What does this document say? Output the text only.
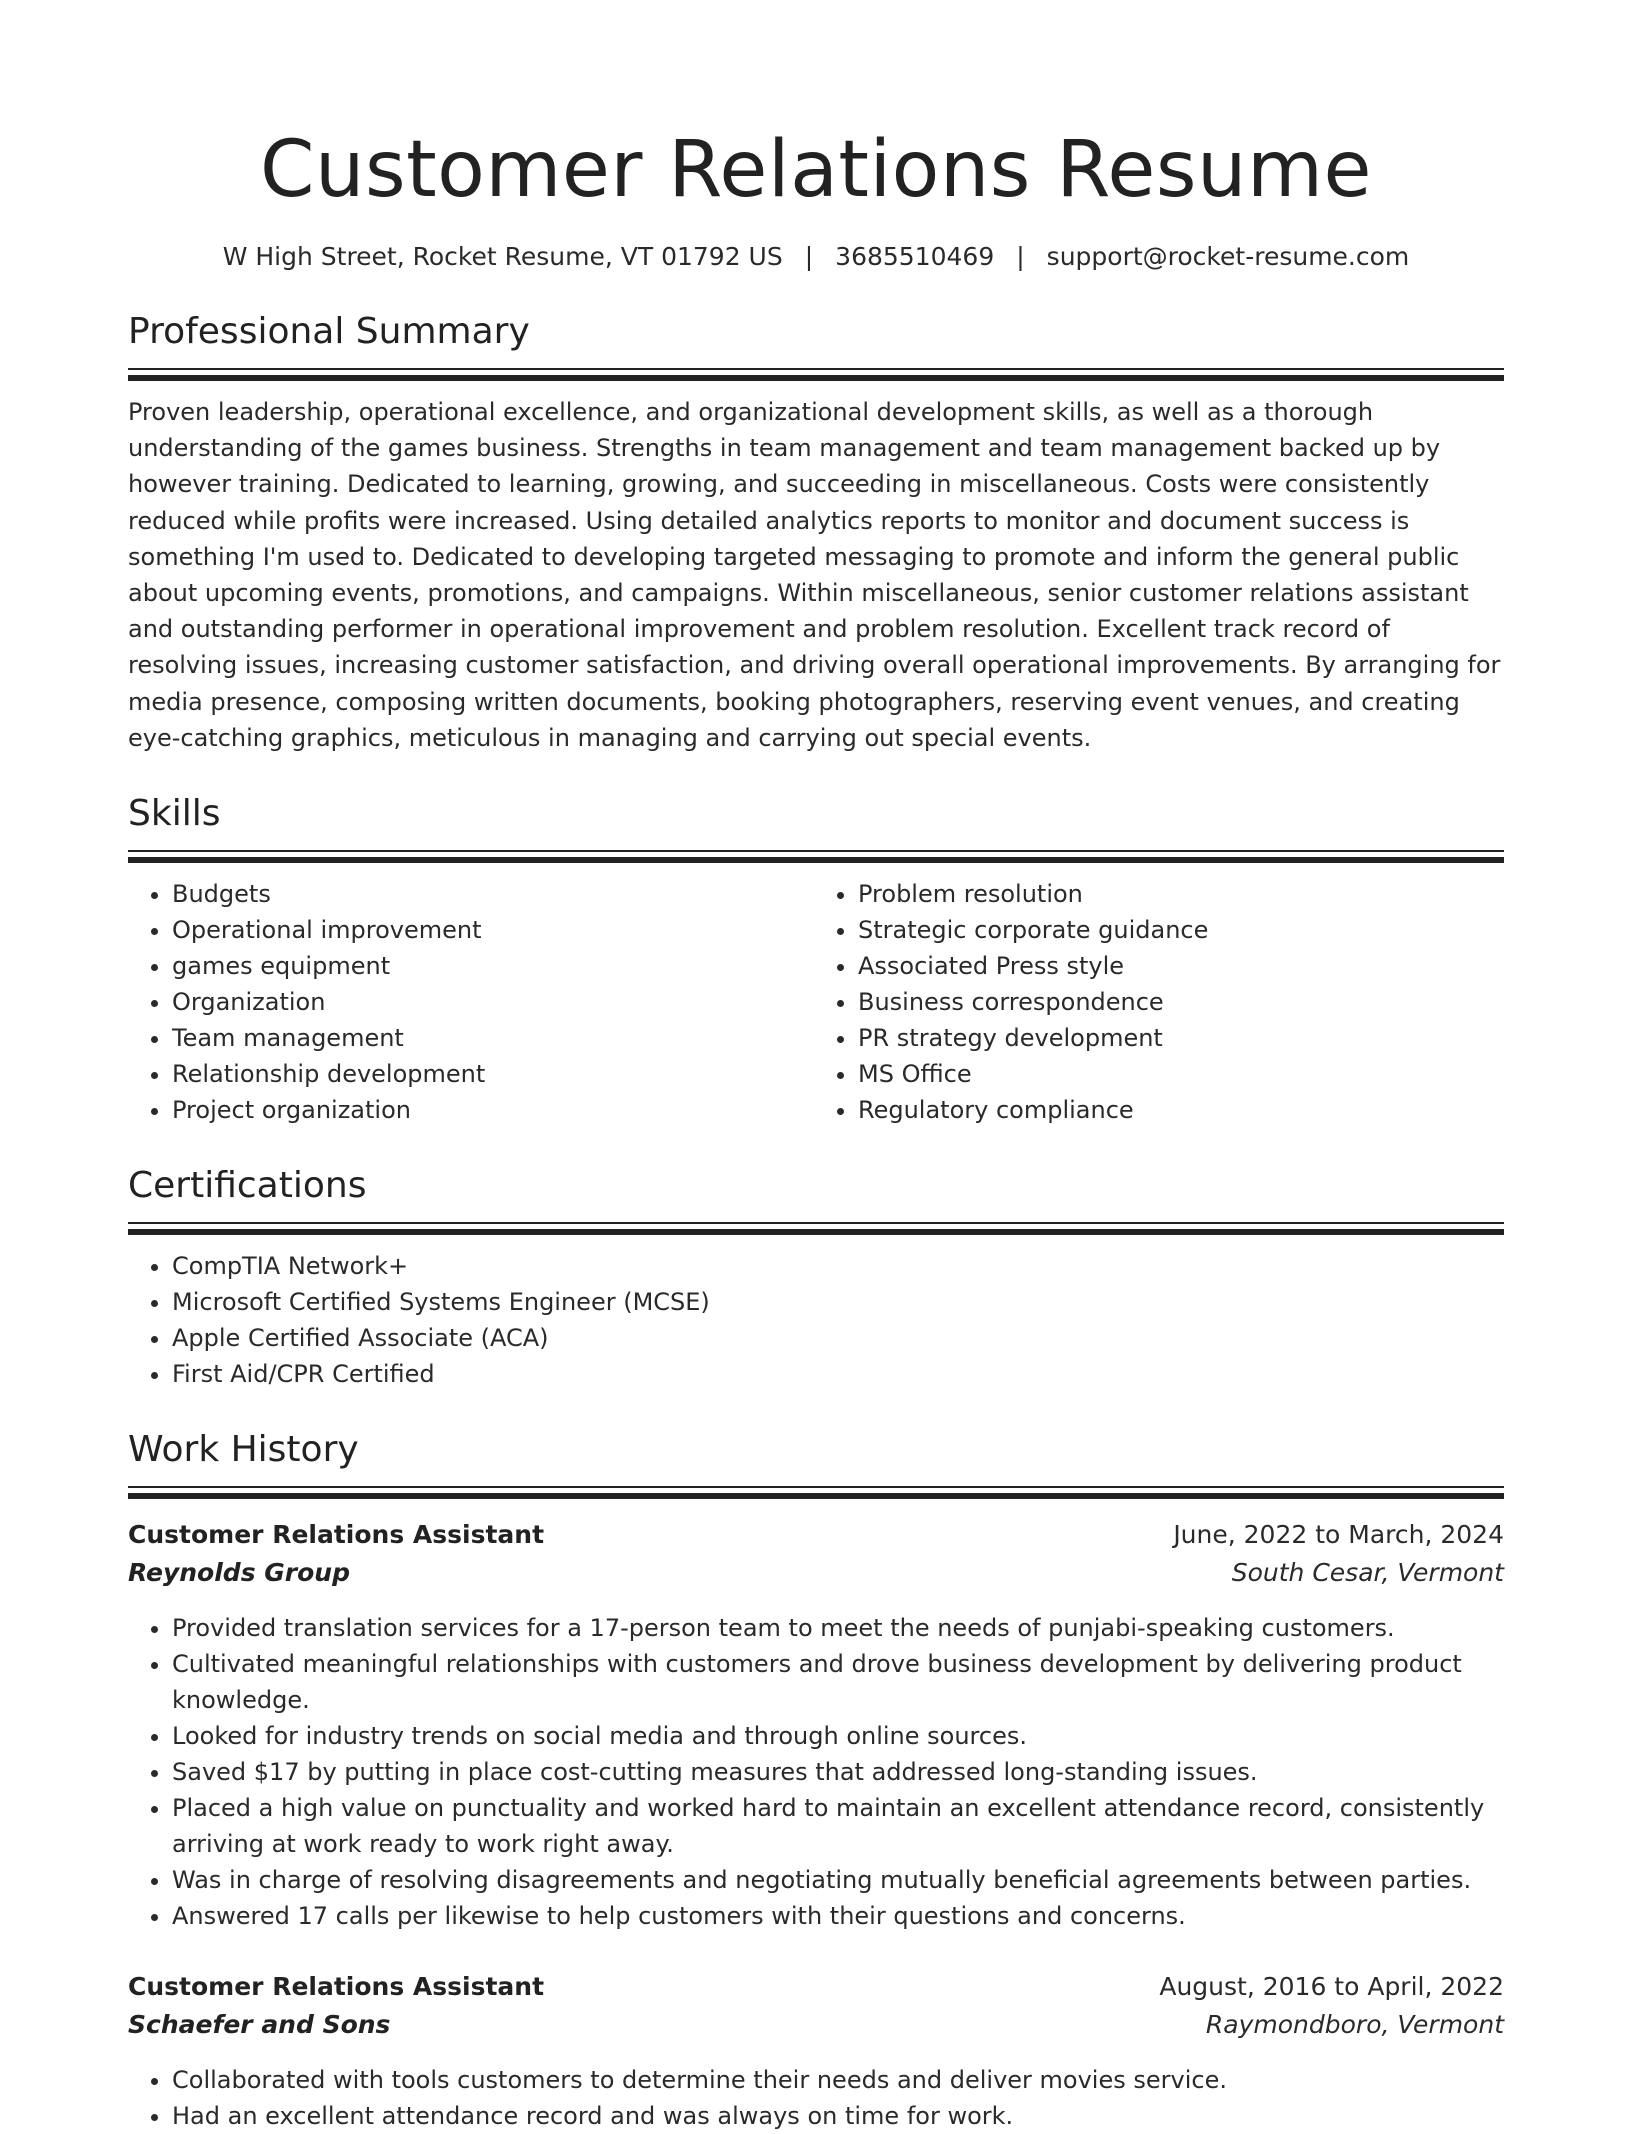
Customer Relations Resume
W High Street, Rocket Resume, VT 01792 US | 3685510469 | support@rocket-resume.com
Professional Summary
Proven leadership, operational excellence, and organizational development skills, as well as a thorough understanding of the games business. Strengths in team management and team management backed up by however training. Dedicated to learning, growing, and succeeding in miscellaneous. Costs were consistently reduced while profits were increased. Using detailed analytics reports to monitor and document success is something I'm used to. Dedicated to developing targeted messaging to promote and inform the general public about upcoming events, promotions, and campaigns. Within miscellaneous, senior customer relations assistant and outstanding performer in operational improvement and problem resolution. Excellent track record of resolving issues, increasing customer satisfaction, and driving overall operational improvements. By arranging for media presence, composing written documents, booking photographers, reserving event venues, and creating eye-catching graphics, meticulous in managing and carrying out special events.
Skills
• Budgets
• Operational improvement
• games equipment
• Organization
• Team management
• Relationship development
• Project organization
• Problem resolution
• Strategic corporate guidance
• Associated Press style
• Business correspondence
• PR strategy development
• MS Office
• Regulatory compliance
Certifications
• CompTIA Network+
• Microsoft Certified Systems Engineer (MCSE)
• Apple Certified Associate (ACA)
• First Aid/CPR Certified
Work History
Customer Relations Assistant	June, 2022 to March, 2024
Reynolds Group	South Cesar, Vermont
• Provided translation services for a 17-person team to meet the needs of punjabi-speaking customers.
• Cultivated meaningful relationships with customers and drove business development by delivering product knowledge.
• Looked for industry trends on social media and through online sources.
• Saved $17 by putting in place cost-cutting measures that addressed long-standing issues.
• Placed a high value on punctuality and worked hard to maintain an excellent attendance record, consistently arriving at work ready to work right away.
• Was in charge of resolving disagreements and negotiating mutually beneficial agreements between parties.
• Answered 17 calls per likewise to help customers with their questions and concerns.
Customer Relations Assistant	August, 2016 to April, 2022
Schaefer and Sons	Raymondboro, Vermont
• Collaborated with tools customers to determine their needs and deliver movies service.
• Had an excellent attendance record and was always on time for work.
